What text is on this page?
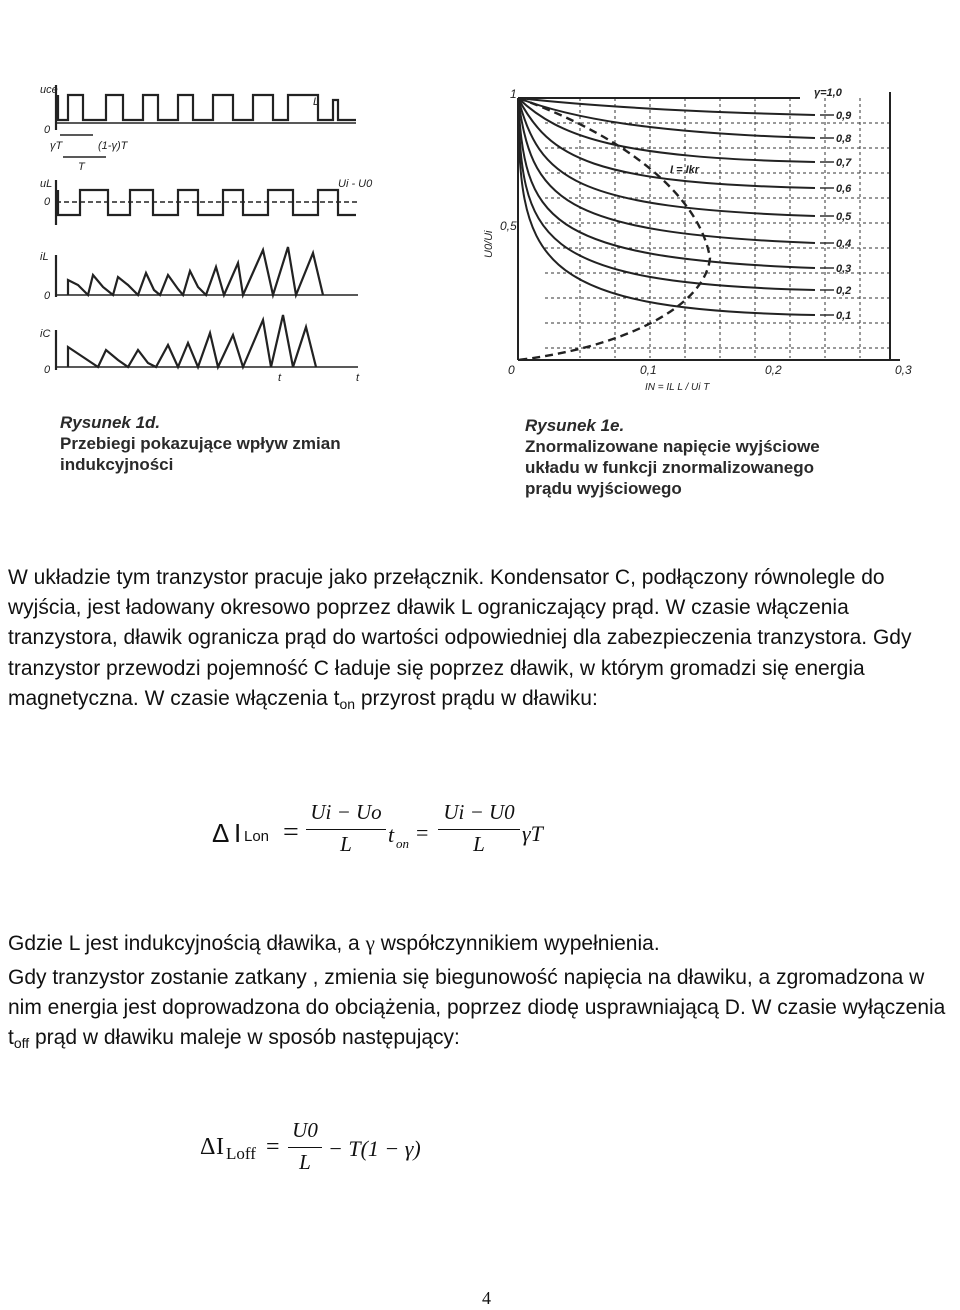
uce
0
T
(1-γ)T
γT
L
uL
0
Ui - U0
iL
0
iC
0
t	t
Rysunek 1d.
Przebiegi pokazujące wpływ zmian
indukcyjności
γ=1,0
0,9
0,8
0,7
0,6
0,5
0,4
0,3
0,2
0,1
I = Ikr
1
0,5
0	0,1	0,2	0,3
IN = IL L / Ui T
U0/Ui
Rysunek 1e.
Znormalizowane napięcie wyjściowe
układu w funkcji znormalizowanego
prądu wyjściowego
W układzie tym tranzystor pracuje jako przełącznik. Kondensator C, podłączony równolegle do wyjścia, jest ładowany okresowo poprzez dławik L ograniczający prąd. W czasie włączenia tranzystora, dławik ogranicza prąd do wartości odpowiedniej dla zabezpieczenia tranzystora. Gdy tranzystor przewodzi pojemność C ładuje się poprzez dławik, w którym gromadzi się energia magnetyczna. W czasie włączenia $t_{on}$ przyrost prądu w dławiku:
Δ I Lon =
Ui − Uo
L	t on =
Ui − U0
L	γT
Gdzie L jest indukcyjnością dławika, a γ współczynnikiem wypełnienia.
Gdy tranzystor zostanie zatkany , zmienia się biegunowość napięcia na dławiku, a zgromadzona w nim energia jest doprowadzona do obciążenia, poprzez diodę usprawniającą D. W czasie wyłączenia $t_{off}$ prąd w dławiku maleje w sposób następujący:
Δ I Loff =
U0
L
− T(1 − γ)
4
